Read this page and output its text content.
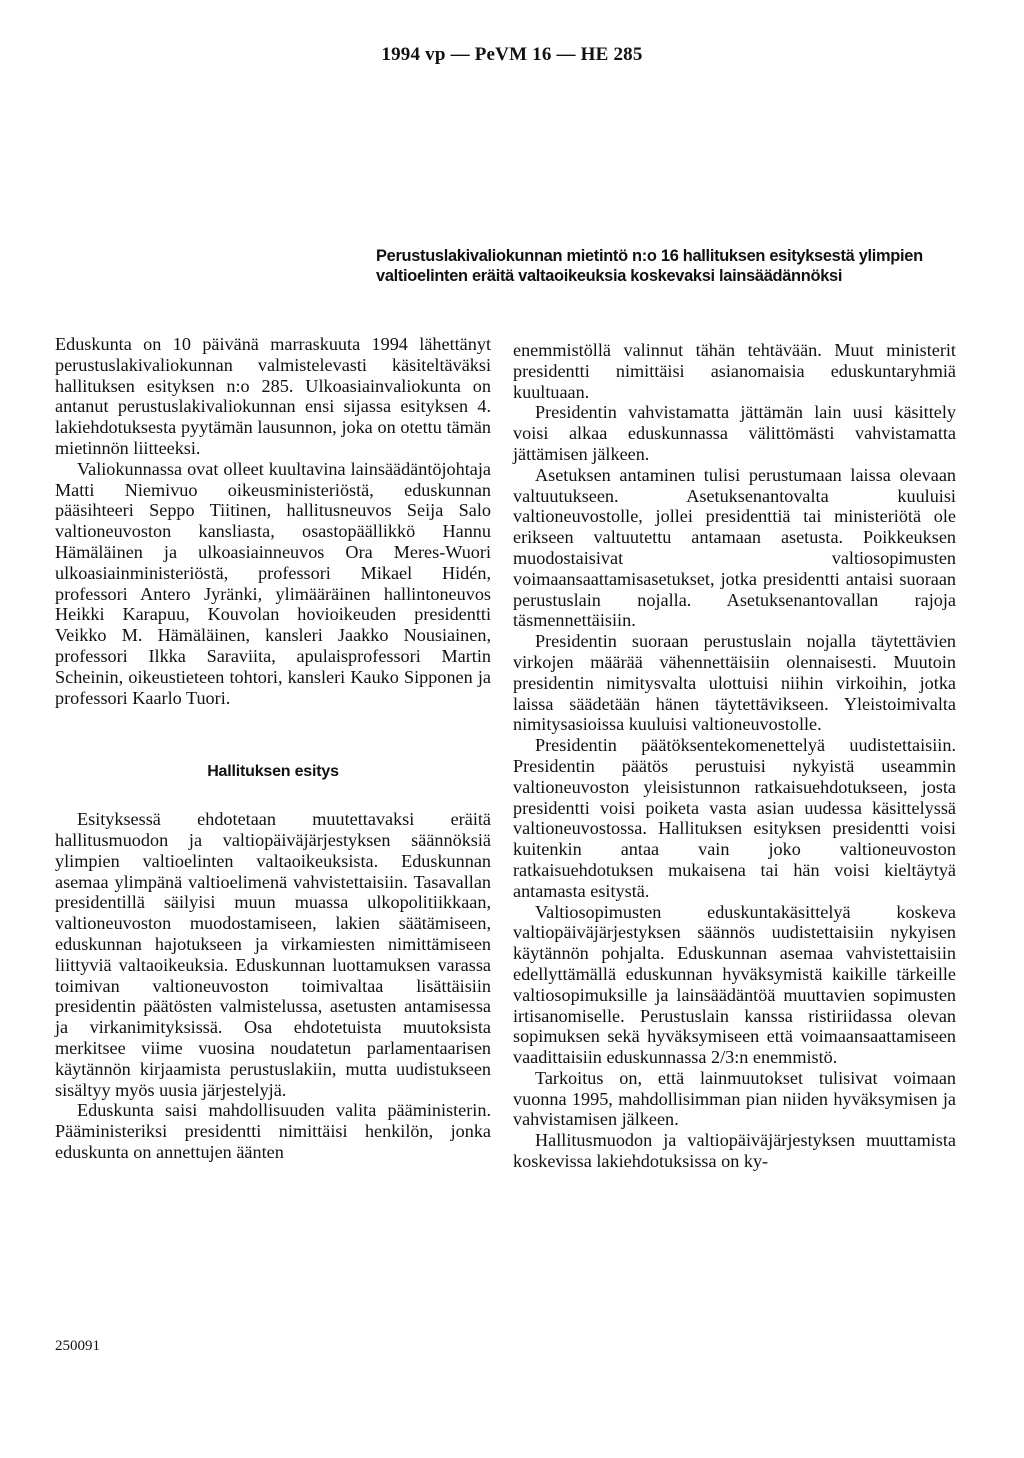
1994 vp — PeVM 16 — HE 285
Perustuslakivaliokunnan mietintö n:o 16 hallituksen esityksestä ylimpien valtioelinten eräitä valtaoikeuksia koskevaksi lainsäädännöksi

Eduskunta on 10 päivänä marraskuuta 1994 lähettänyt perustuslakivaliokunnan valmistelevasti käsiteltäväksi hallituksen esityksen n:o 285. Ulkoasiainvaliokunta on antanut perustuslakivaliokunnan ensi sijassa esityksen 4. lakiehdotuksesta pyytämän lausunnon, joka on otettu tämän mietinnön liitteeksi.

Valiokunnassa ovat olleet kuultavina lainsäädäntöjohtaja Matti Niemivuo oikeusministeriöstä, eduskunnan pääsihteeri Seppo Tiitinen, hallitusneuvos Seija Salo valtioneuvoston kansliasta, osastopäällikkö Hannu Hämäläinen ja ulkoasiainneuvos Ora Meres-Wuori ulkoasiainministeriöstä, professori Mikael Hidén, professori Antero Jyränki, ylimääräinen hallintoneuvos Heikki Karapuu, Kouvolan hovioikeuden presidentti Veikko M. Hämäläinen, kansleri Jaakko Nousiainen, professori Ilkka Saraviita, apulaisprofessori Martin Scheinin, oikeustieteen tohtori, kansleri Kauko Sipponen ja professori Kaarlo Tuori.

Hallituksen esitys

Esityksessä ehdotetaan muutettavaksi eräitä hallitusmuodon ja valtiopäiväjärjestyksen säännöksiä ylimpien valtioelinten valtaoikeuksista. Eduskunnan asemaa ylimpänä valtioelimenä vahvistettaisiin. Tasavallan presidentillä säilyisi muun muassa ulkopolitiikkaan, valtioneuvoston muodostamiseen, lakien säätämiseen, eduskunnan hajotukseen ja virkamiesten nimittämiseen liittyviä valtaoikeuksia. Eduskunnan luottamuksen varassa toimivan valtioneuvoston toimivaltaa lisättäisiin presidentin päätösten valmistelussa, asetusten antamisessa ja virkanimityksissä. Osa ehdotetuista muutoksista merkitsee viime vuosina noudatetun parlamentaarisen käytännön kirjaamista perustuslakiin, mutta uudistukseen sisältyy myös uusia järjestelyjä.

Eduskunta saisi mahdollisuuden valita pääministerin. Pääministeriksi presidentti nimittäisi henkilön, jonka eduskunta on annettujen äänten

enemmistöllä valinnut tähän tehtävään. Muut ministerit presidentti nimittäisi asianomaisia eduskuntaryhmiä kuultuaan.

Presidentin vahvistamatta jättämän lain uusi käsittely voisi alkaa eduskunnassa välittömästi vahvistamatta jättämisen jälkeen.

Asetuksen antaminen tulisi perustumaan laissa olevaan valtuutukseen. Asetuksenantovalta kuuluisi valtioneuvostolle, jollei presidenttiä tai ministeriötä ole erikseen valtuutettu antamaan asetusta. Poikkeuksen muodostaisivat valtiosopimusten voimaansaattamisasetukset, jotka presidentti antaisi suoraan perustuslain nojalla. Asetuksenantovallan rajoja täsmennettäisiin.

Presidentin suoraan perustuslain nojalla täytettävien virkojen määrää vähennettäisiin olennaisesti. Muutoin presidentin nimitysvalta ulottuisi niihin virkoihin, jotka laissa säädetään hänen täytettävikseen. Yleistoimivalta nimitysasioissa kuuluisi valtioneuvostolle.

Presidentin päätöksentekomenettelyä uudistettaisiin. Presidentin päätös perustuisi nykyistä useammin valtioneuvoston yleisistunnon ratkaisuehdotukseen, josta presidentti voisi poiketa vasta asian uudessa käsittelyssä valtioneuvostossa. Hallituksen esityksen presidentti voisi kuitenkin antaa vain joko valtioneuvoston ratkaisuehdotuksen mukaisena tai hän voisi kieltäytyä antamasta esitystä.

Valtiosopimusten eduskuntakäsittelyä koskeva valtiopäiväjärjestyksen säännös uudistettaisiin nykyisen käytännön pohjalta. Eduskunnan asemaa vahvistettaisiin edellyttämällä eduskunnan hyväksymistä kaikille tärkeille valtiosopimuksille ja lainsäädäntöä muuttavien sopimusten irtisanomiselle. Perustuslain kanssa ristiriidassa olevan sopimuksen sekä hyväksymiseen että voimaansaattamiseen vaadittaisiin eduskunnassa 2/3:n enemmistö.

Tarkoitus on, että lainmuutokset tulisivat voimaan vuonna 1995, mahdollisimman pian niiden hyväksymisen ja vahvistamisen jälkeen.

Hallitusmuodon ja valtiopäiväjärjestyksen muuttamista koskevissa lakiehdotuksissa on ky-

250091
